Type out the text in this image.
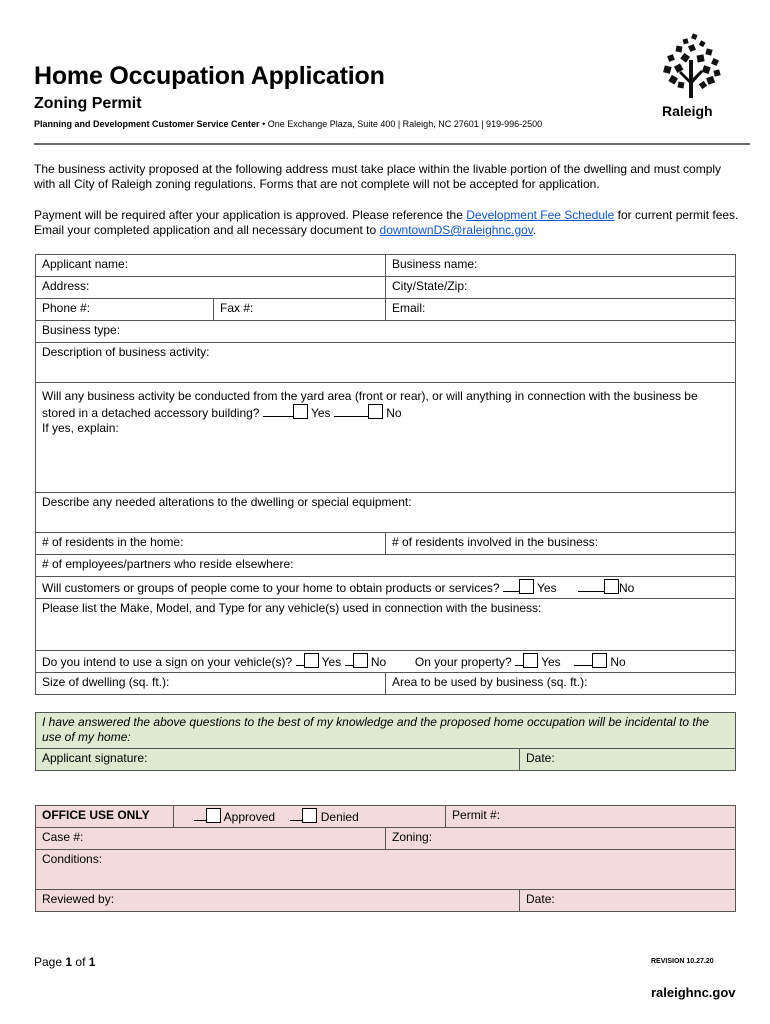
Home Occupation Application
Zoning Permit
Planning and Development Customer Service Center • One Exchange Plaza, Suite 400 | Raleigh, NC 27601 | 919-996-2500
Raleigh
The business activity proposed at the following address must take place within the livable portion of the dwelling and must comply with all City of Raleigh zoning regulations. Forms that are not complete will not be accepted for application.
Payment will be required after your application is approved. Please reference the Development Fee Schedule for current permit fees. Email your completed application and all necessary document to downtownDS@raleighnc.gov.
Applicant name:		Business name:
Address:		City/State/Zip:
Phone #:	Fax #:	Email:
Business type:		
Description of business activity:		
Will any business activity be conducted from the yard area (front or rear), or will anything in connection with the business be stored in a detached accessory building? Yes No
If yes, explain:		
Describe any needed alterations to the dwelling or special equipment:		
# of residents in the home:		# of residents involved in the business:
# of employees/partners who reside elsewhere:		
Will customers or groups of people come to your home to obtain products or services? Yes No		
Please list the Make, Model, and Type for any vehicle(s) used in connection with the business:		
Do you intend to use a sign on your vehicle(s)? Yes No On your property? Yes No		
Size of dwelling (sq. ft.):		Area to be used by business (sq. ft.):
I have answered the above questions to the best of my knowledge and the proposed home occupation will be incidental to the use of my home:
Applicant signature:	Date:
OFFICE USE ONLY	Approved Denied		Permit #:	
Case #:		Zoning:		
Conditions:				
Reviewed by:				Date:
Page 1 of 1	REVISION 10.27.20
raleighnc.gov
